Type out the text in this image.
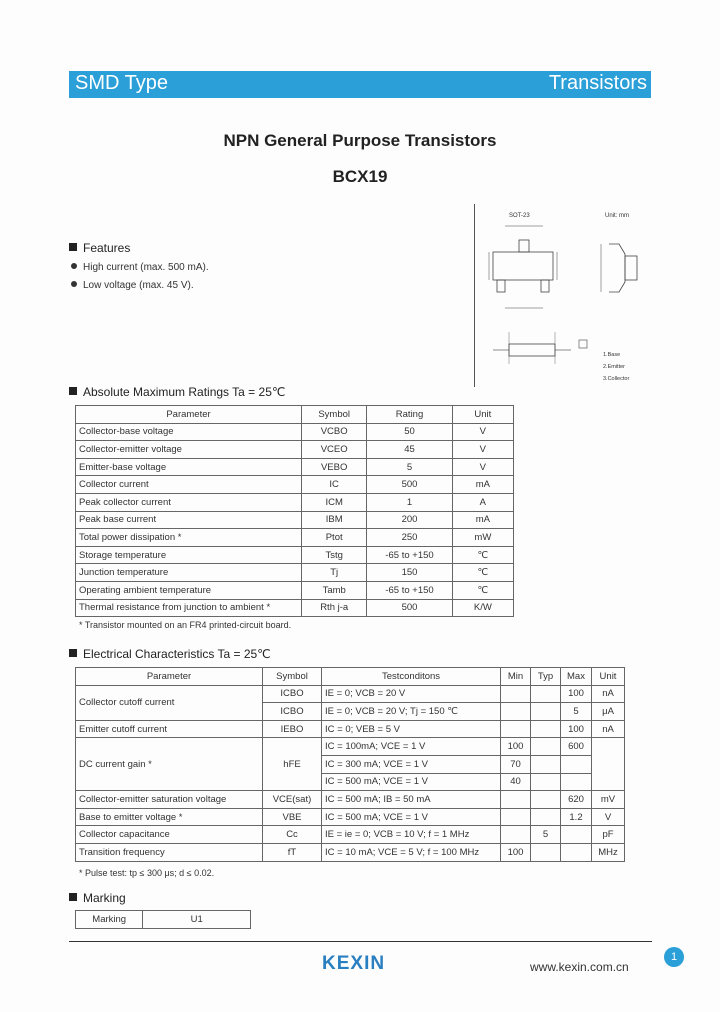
SMD Type	Transistors
NPN General Purpose Transistors
BCX19
Features
High current (max. 500 mA).
Low voltage (max. 45 V).
SOT-23	Unit: mm
1.Base
2.Emitter
3.Collector
Absolute Maximum Ratings Ta = 25℃
Parameter	Symbol	Rating	Unit
Collector-base voltage	VCBO	50	V
Collector-emitter voltage	VCEO	45	V
Emitter-base voltage	VEBO	5	V
Collector current	IC	500	mA
Peak collector current	ICM	1	A
Peak base current	IBM	200	mA
Total power dissipation *	Ptot	250	mW
Storage temperature	Tstg	-65 to +150	℃
Junction temperature	Tj	150	℃
Operating ambient temperature	Tamb	-65 to +150	℃
Thermal resistance from junction to ambient *	Rth j-a	500	K/W
* Transistor mounted on an FR4 printed-circuit board.
Electrical Characteristics Ta = 25℃
Parameter	Symbol	Testconditons	Min	Typ	Max	Unit
Collector cutoff current	ICBO	IE = 0; VCB = 20 V			100	nA
	ICBO	IE = 0; VCB = 20 V; Tj = 150 ℃			5	μA
Emitter cutoff current	IEBO	IC = 0; VEB = 5 V			100	nA
DC current gain *	hFE	IC = 100mA; VCE = 1 V	100		600	
		IC = 300 mA; VCE = 1 V	70			
		IC = 500 mA; VCE = 1 V	40			
Collector-emitter saturation voltage	VCE(sat)	IC = 500 mA; IB = 50 mA			620	mV
Base to emitter voltage *	VBE	IC = 500 mA; VCE = 1 V			1.2	V
Collector capacitance	Cc	IE = ie = 0; VCB = 10 V; f = 1 MHz		5		pF
Transition frequency	fT	IC = 10 mA; VCE = 5 V; f = 100 MHz	100			MHz
* Pulse test: tp ≤ 300 μs; d ≤ 0.02.
Marking
Marking	U1
KEXIN	www.kexin.com.cn
1
